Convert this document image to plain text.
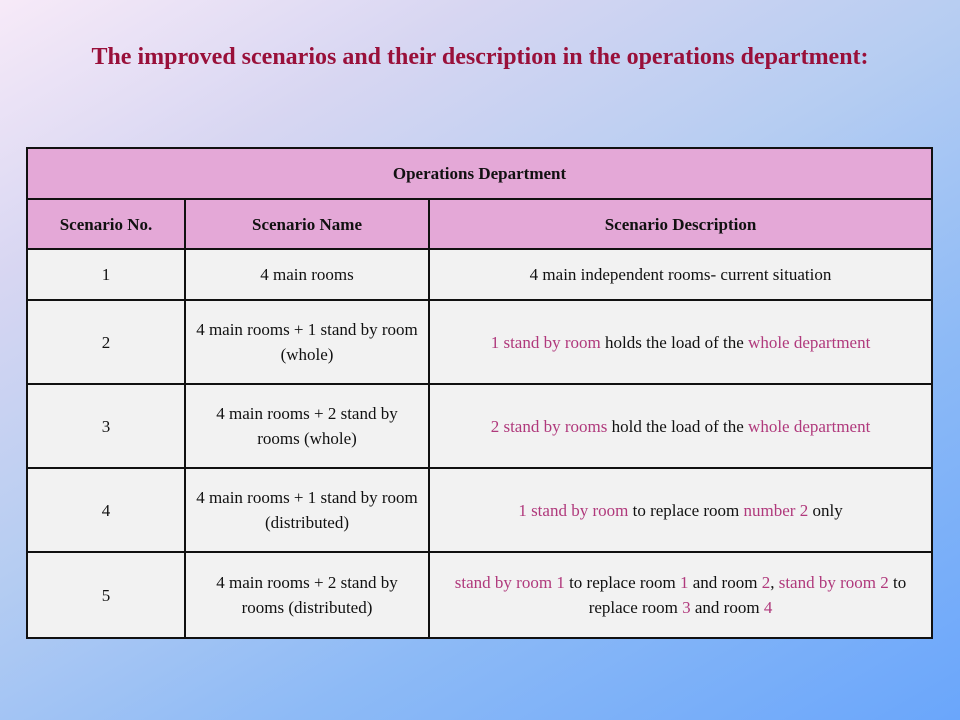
The improved scenarios and their description in the operations department:
Operations Department		
Scenario No.	Scenario Name	Scenario Description
1	4 main rooms	4 main independent rooms- current situation
2	4 main rooms + 1 stand by room (whole)	1 stand by room holds the load of the whole department
3	4 main rooms + 2 stand by rooms (whole)	2 stand by rooms hold the load of the whole department
4	4 main rooms + 1 stand by room (distributed)	1 stand by room to replace room number 2 only
5	4 main rooms + 2 stand by rooms (distributed)	stand by room 1 to replace room 1 and room 2, stand by room 2 to replace room 3 and room 4
